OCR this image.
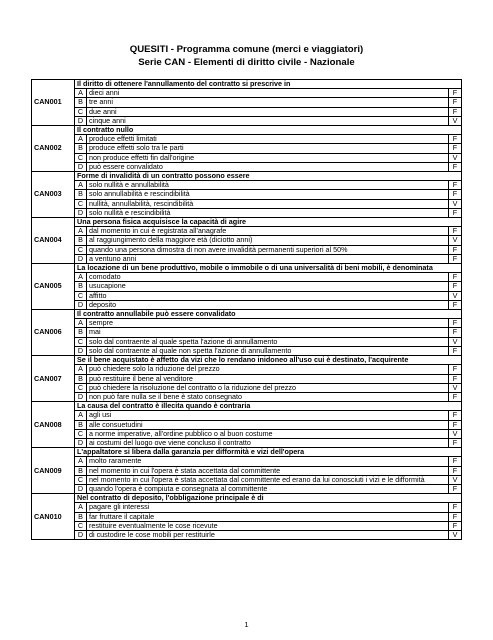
QUESITI - Programma comune (merci e viaggiatori)
Serie CAN - Elementi di diritto civile - Nazionale
CAN001	Il diritto di ottenere l'annullamento del contratto si prescrive in		
	A	dieci anni	F
	B	tre anni	F
	C	due anni	F
	D	cinque anni	V
CAN002	Il contratto nullo		
	A	produce effetti limitati	F
	B	produce effetti solo tra le parti	F
	C	non produce effetti fin dall'origine	V
	D	può essere convalidato	F
CAN003	Forme di invalidità di un contratto possono essere		
	A	solo nullità e annullabilità	F
	B	solo annullabilità e rescindibilità	F
	C	nullità, annullabilità, rescindibilità	V
	D	solo nullità e rescindibilità	F
CAN004	Una persona fisica acquisisce la capacità di agire		
	A	dal momento in cui è registrata all'anagrafe	F
	B	al raggiungimento della maggiore età (diciotto anni)	V
	C	quando una persona dimostra di non avere invalidità permanenti superiori al 50%	F
	D	a ventuno anni	F
CAN005	La locazione di un bene produttivo, mobile o immobile o di una universalità di beni mobili, è denominata		
	A	comodato	F
	B	usucapione	F
	C	affitto	V
	D	deposito	F
CAN006	Il contratto annullabile può essere convalidato		
	A	sempre	F
	B	mai	F
	C	solo dal contraente al quale spetta l'azione di annullamento	V
	D	solo dal contraente al quale non spetta l'azione di annullamento	F
CAN007	Se il bene acquistato è affetto da vizi che lo rendano inidoneo all'uso cui è destinato, l'acquirente		
	A	può chiedere solo la riduzione del prezzo	F
	B	può restituire il bene al venditore	F
	C	può chiedere la risoluzione del contratto o la riduzione del prezzo	V
	D	non può fare nulla se il bene è stato consegnato	F
CAN008	La causa del contratto è illecita quando è contraria		
	A	agli usi	F
	B	alle consuetudini	F
	C	a norme imperative, all'ordine pubblico o al buon costume	V
	D	ai costumi del luogo ove viene concluso il contratto	F
CAN009	L'appaltatore si libera dalla garanzia per difformità e vizi dell'opera		
	A	molto raramente	F
	B	nel momento in cui l'opera è stata accettata dal committente	F
	C	nel momento in cui l'opera è stata accettata dal committente ed erano da lui conosciuti i vizi e le difformità	V
	D	quando l'opera è compiuta e consegnata al committente	F
CAN010	Nel contratto di deposito, l'obbligazione principale è di		
	A	pagare gli interessi	F
	B	far fruttare il capitale	F
	C	restituire eventualmente le cose ricevute	F
	D	di custodire le cose mobili per restituirle	V
1
